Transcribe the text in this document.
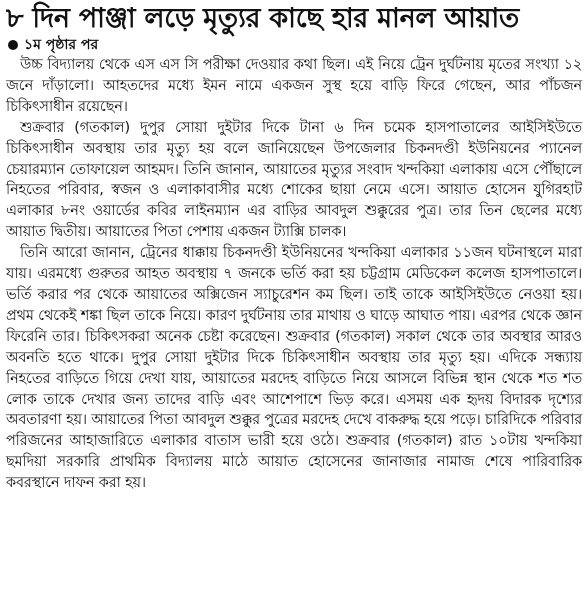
৮ দিন পাঞ্জা লড়ে মৃত্যুর কাছে হার মানল আয়াত
১ম পৃষ্ঠার পর

উচ্চ বিদ্যালয় থেকে এস এস সি পরীক্ষা দেওয়ার কথা ছিল। এই নিয়ে ট্রেন দুর্ঘটনায় মৃতের সংখ্যা ১২ জনে দাঁড়ালো। আহতদের মধ্যে ইমন নামে একজন সুস্থ হয়ে বাড়ি ফিরে গেছেন, আর পাঁচজন চিকিৎসাধীন রয়েছেন।

শুক্রবার (গতকাল) দুপুর সোয়া দুইটার দিকে টানা ৬ দিন চমেক হাসপাতালের আইসিইউতে চিকিৎসাধীন অবস্থায় তার মৃত্যু হয় বলে জানিয়েছেন উপজেলার চিকনদণ্ডী ইউনিয়নের প্যানেল চেয়ারম্যান তোফায়েল আহমদ। তিনি জানান, আয়াতের মৃত্যুর সংবাদ খন্দকিয়া এলাকায় এসে পৌঁছালে নিহতের পরিবার, স্বজন ও এলাকাবাসীর মধ্যে শোকের ছায়া নেমে এসে। আয়াত হোসেন যুগিরহাট এলাকার ৮নং ওয়ার্ডের কবির লাইনম্যান এর বাড়ির আবদুল শুক্কুরের পুত্র। তার তিন ছেলের মধ্যে আয়াত দ্বিতীয়। আয়াতের পিতা পেশায় একজন ট্যাক্সি চালক।

তিনি আরো জানান, ট্রেনের ধাক্কায় চিকনদণ্ডী ইউনিয়নের খন্দকিয়া এলাকার ১১জন ঘটনাস্থলে মারা যায়। এরমধ্যে গুরুতর আহত অবস্থায় ৭ জনকে ভর্তি করা হয় চট্টগ্রাম মেডিকেল কলেজ হাসপাতালে। ভর্তি করার পর থেকে আয়াতের অক্সিজেন স্যাচুরেশন কম ছিল। তাই তাকে আইসিইউতে নেওয়া হয়। প্রথম থেকেই শঙ্কা ছিল তাকে নিয়ে। কারণ দুর্ঘটনায় তার মাথায় ও ঘাড়ে আঘাত পায়। এরপর থেকে জ্ঞান ফিরেনি তার। চিকিৎসকরা অনেক চেষ্টা করেছেন। শুক্রবার (গতকাল) সকাল থেকে তার অবস্থার আরও অবনতি হতে থাকে। দুপুর সোয়া দুইটার দিকে চিকিৎসাধীন অবস্থায় তার মৃত্যু হয়। এদিকে সন্ধ্যায় নিহতের বাড়িতে গিয়ে দেখা যায়, আয়াতের মরদেহ বাড়িতে নিয়ে আসলে বিভিন্ন স্থান থেকে শত শত লোক তাকে দেখার জন্য তাদের বাড়ি এবং আশেপাশে ভিড় করে। এসময় এক হৃদয় বিদারক দৃশ্যের অবতারণা হয়। আয়াতের পিতা আবদুল শুক্কুর পুত্রের মরদেহ দেখে বাকরুদ্ধ হয়ে পড়ে। চারিদিকে পরিবার পরিজনের আহাজারিতে এলাকার বাতাস ভারী হয়ে ওঠে। শুক্রবার (গতকাল) রাত ১০টায় খন্দকিয়া ছমদিয়া সরকারি প্রাথমিক বিদ্যালয় মাঠে আয়াত হোসেনের জানাজার নামাজ শেষে পারিবারিক কবরস্থানে দাফন করা হয়।
